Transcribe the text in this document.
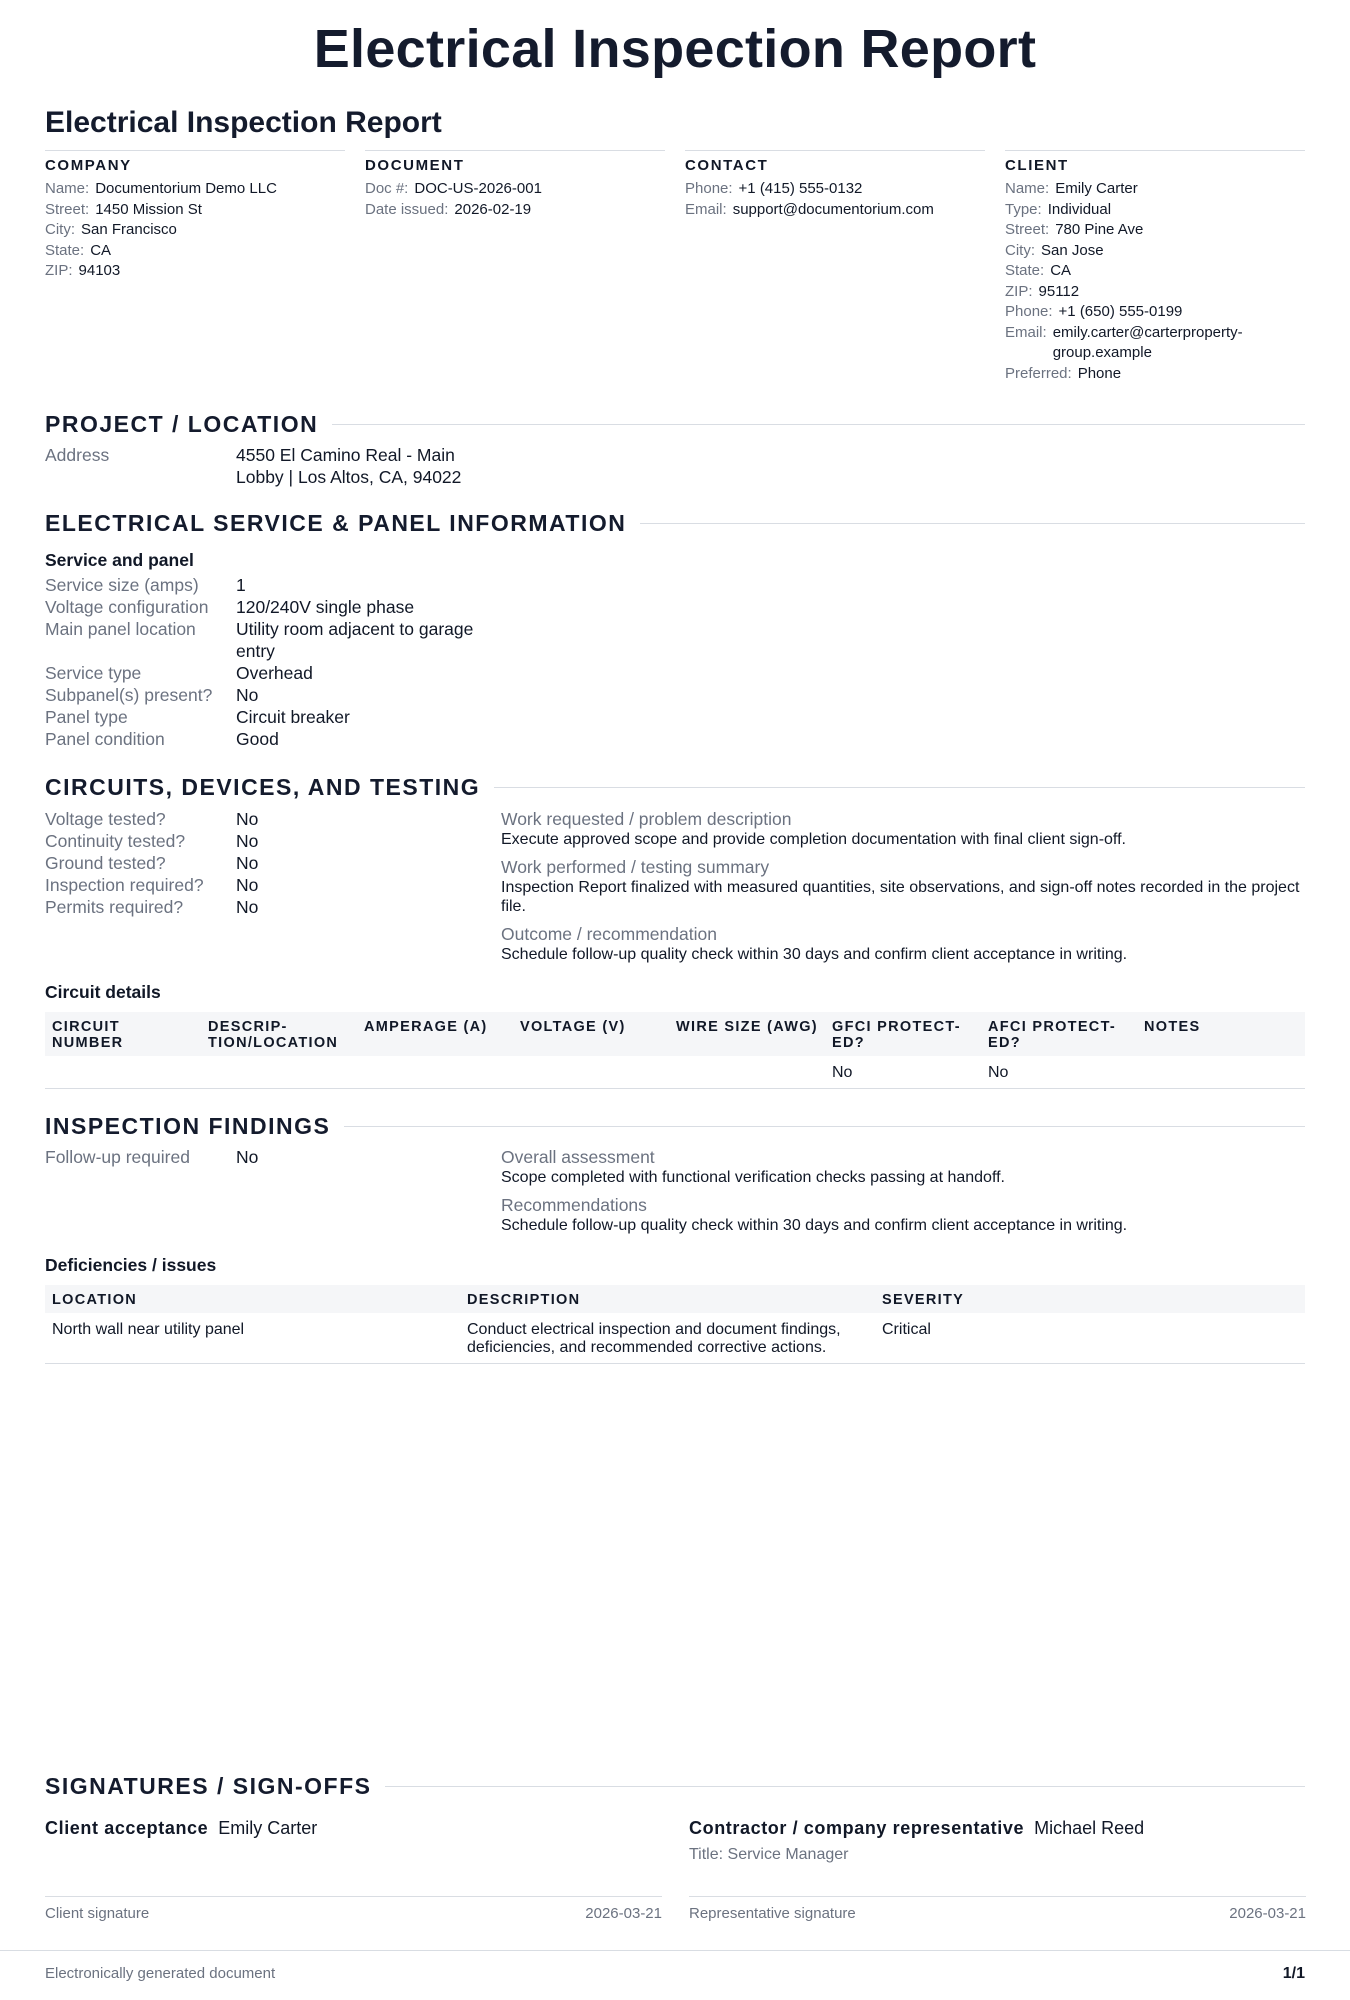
Electrical Inspection Report
Electrical Inspection Report
COMPANY
Name: Documentorium Demo LLC
Street: 1450 Mission St
City: San Francisco
State: CA
ZIP: 94103
DOCUMENT
Doc #: DOC-US-2026-001
Date issued: 2026-02-19
CONTACT
Phone: +1 (415) 555-0132
Email: support@documentorium.com
CLIENT
Name: Emily Carter
Type: Individual
Street: 780 Pine Ave
City: San Jose
State: CA
ZIP: 95112
Phone: +1 (650) 555-0199
Email: emily.carter@carterproperty-group.example
Preferred: Phone
PROJECT / LOCATION
Address	4550 El Camino Real - Main Lobby | Los Altos, CA, 94022
ELECTRICAL SERVICE & PANEL INFORMATION
Service and panel
Service size (amps)	1
Voltage configuration	120/240V single phase
Main panel location	Utility room adjacent to garage entry
Service type	Overhead
Subpanel(s) present?	No
Panel type	Circuit breaker
Panel condition	Good
CIRCUITS, DEVICES, AND TESTING
Voltage tested?	No
Continuity tested?	No
Ground tested?	No
Inspection required?	No
Permits required?	No
Work requested / problem description
Execute approved scope and provide completion documentation with final client sign-off.
Work performed / testing summary
Inspection Report finalized with measured quantities, site observations, and sign-off notes recorded in the project file.
Outcome / recommendation
Schedule follow-up quality check within 30 days and confirm client acceptance in writing.
Circuit details
CIRCUIT NUMBER	DESCRIP-TION/LOCATION	AMPERAGE (A)	VOLTAGE (V)	WIRE SIZE (AWG)	GFCI PROTECT-ED?	AFCI PROTECT-ED?	NOTES
					No	No	
INSPECTION FINDINGS
Follow-up required	No	Overall assessment
Scope completed with functional verification checks passing at handoff.
Recommendations
Schedule follow-up quality check within 30 days and confirm client acceptance in writing.
Deficiencies / issues
LOCATION	DESCRIPTION	SEVERITY
North wall near utility panel	Conduct electrical inspection and document findings, deficiencies, and recommended corrective actions.	Critical
SIGNATURES / SIGN-OFFS
Client acceptance Emily Carter	Contractor / company representative Michael Reed
Title: Service Manager
Client signature	2026-03-21 Representative signature	2026-03-21
Electronically generated document	1/1
